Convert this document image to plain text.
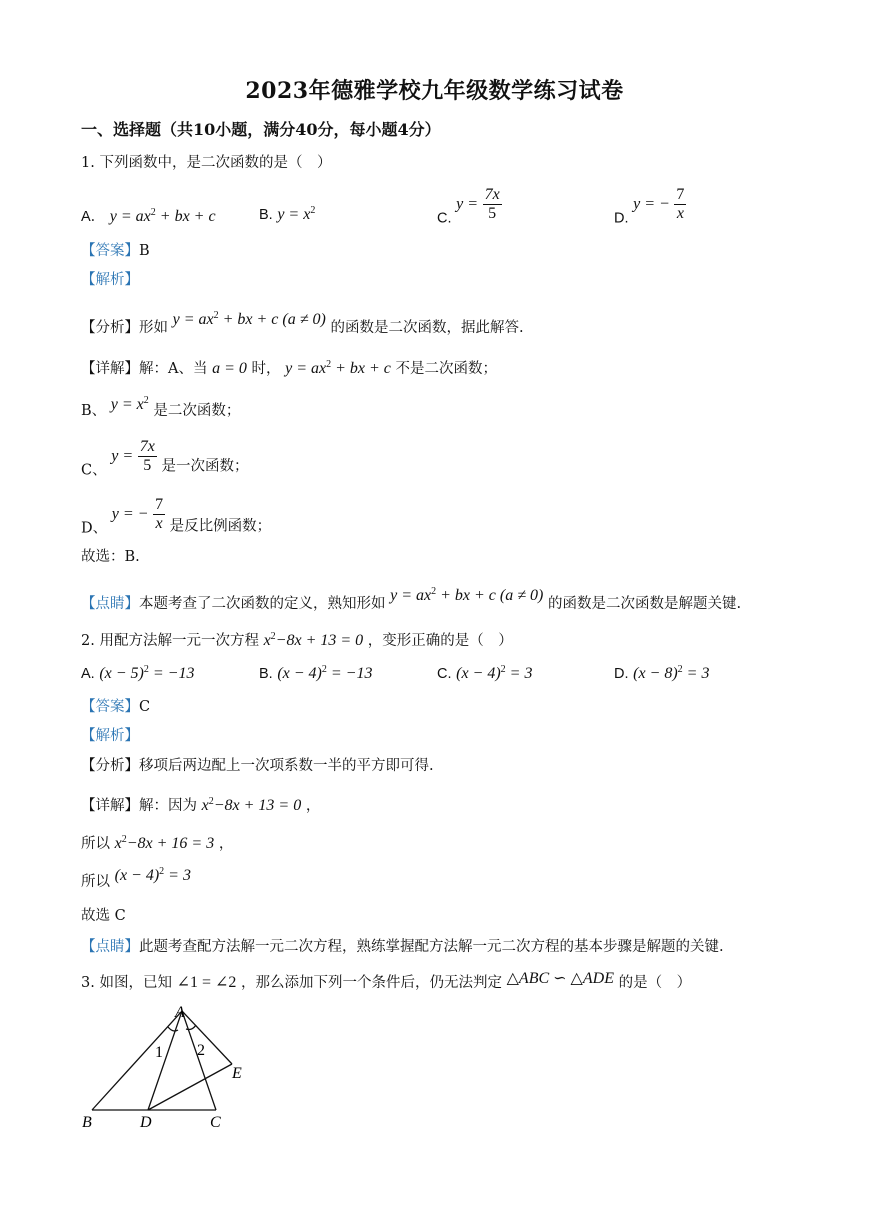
2023年德雅学校九年级数学练习试卷
一、选择题（共10小题，满分40分，每小题4分）
1. 下列函数中，是二次函数的是（　）
A． $y = ax^2$ + bx + c	B. $y = x^2$	C. $y = \frac{7x}{5}$	D. y = − $\frac{7}{x}$
【答案】B
【解析】
【分析】形如 $y = ax^2$ + bx + c (a ≠ 0) 的函数是二次函数，据此解答.
【详解】解：A、当 a = 0 时， $y = ax^2$ + bx + c 不是二次函数；
B、 $y = x^2$ 是二次函数；
C、 $y = \frac{7x}{5}$ 是一次函数；
D、 y = − $\frac{7}{x}$ 是反比例函数；
故选：B.
【点睛】本题考查了二次函数的定义，熟知形如 $y = ax^2$ + bx + c (a ≠ 0) 的函数是二次函数是解题关键.
2. 用配方法解一元一次方程 $x^2-8x + 13 = 0$ ，变形正确的是（　）
A. $(x - 5)^2 = -13$	B. $(x - 4)^2 = -13$	C. $(x - 4)^2 = 3$	D. $(x - 8)^2 = 3$
【答案】C
【解析】
【分析】移项后两边配上一次项系数一半的平方即可得.
【详解】解：因为 $x^2-8x + 13 = 0$ ，
所以 $x^2-8x + 16 = 3$ ，
所以 $(x - 4)^2 = 3$
故选 C
【点睛】此题考查配方法解一元二次方程，熟练掌握配方法解一元二次方程的基本步骤是解题的关键.
3. 如图，已知 ∠1 = ∠2 ，那么添加下列一个条件后，仍无法判定 △ABC ∽ △ADE 的是（　）
A
B	C
D
E
1 2
